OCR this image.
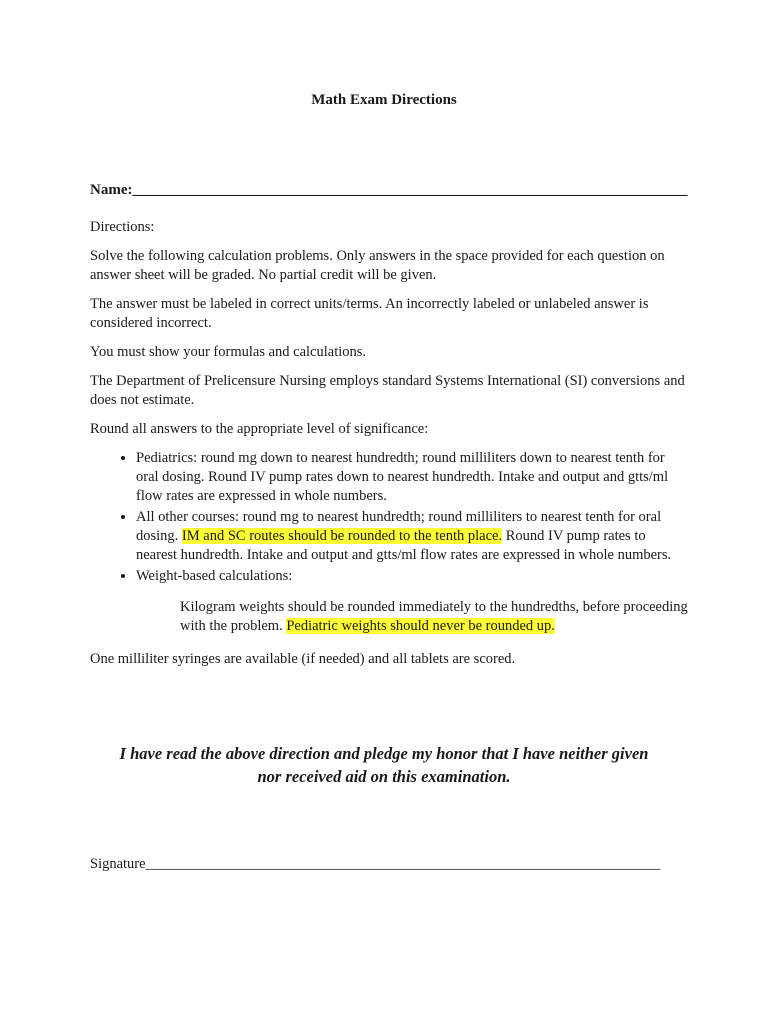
Math Exam Directions
Name:__________________________________________________________________________

Directions:

Solve the following calculation problems. Only answers in the space provided for each question on answer sheet will be graded. No partial credit will be given.

The answer must be labeled in correct units/terms. An incorrectly labeled or unlabeled answer is considered incorrect.

You must show your formulas and calculations.

The Department of Prelicensure Nursing employs standard Systems International (SI) conversions and does not estimate.

Round all answers to the appropriate level of significance:

• Pediatrics: round mg down to nearest hundredth; round milliliters down to nearest tenth for oral dosing. Round IV pump rates down to nearest hundredth. Intake and output and gtts/ml flow rates are expressed in whole numbers.
• All other courses: round mg to nearest hundredth; round milliliters to nearest tenth for oral dosing. IM and SC routes should be rounded to the tenth place. Round IV pump rates to nearest hundredth. Intake and output and gtts/ml flow rates are expressed in whole numbers.
• Weight-based calculations:

Kilogram weights should be rounded immediately to the hundredths, before proceeding with the problem. Pediatric weights should never be rounded up.

One milliliter syringes are available (if needed) and all tablets are scored.

I have read the above direction and pledge my honor that I have neither given
nor received aid on this examination.
Signature_______________________________________________________________________
